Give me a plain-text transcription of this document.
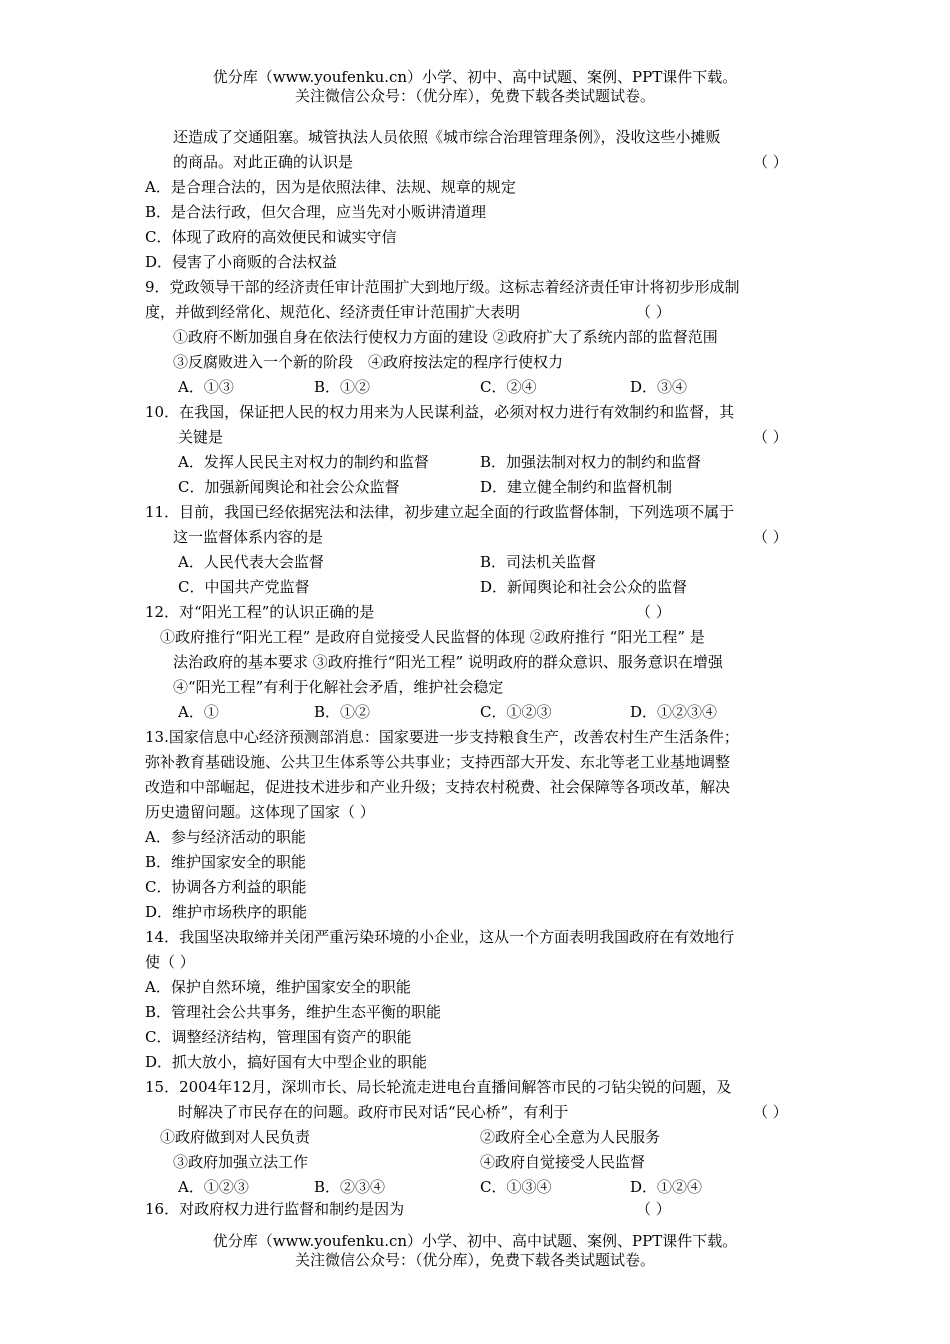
优分库（www.youfenku.cn）小学、初中、高中试题、案例、PPT课件下载。
关注微信公众号：（优分库），免费下载各类试题试卷。
还造成了交通阻塞。城管执法人员依照《城市综合治理管理条例》，没收这些小摊贩
的商品。对此正确的认识是	（ ）
A．是合理合法的，因为是依照法律、法规、规章的规定
B．是合法行政，但欠合理，应当先对小贩讲清道理
C．体现了政府的高效便民和诚实守信
D．侵害了小商贩的合法权益
9．党政领导干部的经济责任审计范围扩大到地厅级。这标志着经济责任审计将初步形成制
度，并做到经常化、规范化、经济责任审计范围扩大表明	（ ）
①政府不断加强自身在依法行使权力方面的建设 ②政府扩大了系统内部的监督范围
③反腐败进入一个新的阶段　④政府按法定的程序行使权力
A．①③	B．①②	C．②④	D．③④
10．在我国，保证把人民的权力用来为人民谋利益，必须对权力进行有效制约和监督，其
关键是	（ ）
A．发挥人民民主对权力的制约和监督	B．加强法制对权力的制约和监督
C．加强新闻舆论和社会公众监督	D．建立健全制约和监督机制
11．目前，我国已经依据宪法和法律，初步建立起全面的行政监督体制，下列选项不属于
这一监督体系内容的是	（ ）
A．人民代表大会监督	B．司法机关监督
C．中国共产党监督	D．新闻舆论和社会公众的监督
12．对“阳光工程”的认识正确的是	（ ）
①政府推行“阳光工程” 是政府自觉接受人民监督的体现 ②政府推行 “阳光工程” 是
法治政府的基本要求 ③政府推行“阳光工程” 说明政府的群众意识、服务意识在增强
④“阳光工程”有利于化解社会矛盾，维护社会稳定
A．①	B．①②	C．①②③	D．①②③④
13.国家信息中心经济预测部消息：国家要进一步支持粮食生产，改善农村生产生活条件；
弥补教育基础设施、公共卫生体系等公共事业；支持西部大开发、东北等老工业基地调整
改造和中部崛起，促进技术进步和产业升级；支持农村税费、社会保障等各项改革，解决
历史遗留问题。这体现了国家（ ）
A．参与经济活动的职能
B．维护国家安全的职能
C．协调各方利益的职能
D．维护市场秩序的职能
14．我国坚决取缔并关闭严重污染环境的小企业，这从一个方面表明我国政府在有效地行
使（ ）
A．保护自然环境，维护国家安全的职能
B．管理社会公共事务，维护生态平衡的职能
C．调整经济结构，管理国有资产的职能
D．抓大放小，搞好国有大中型企业的职能
15．2004年12月，深圳市长、局长轮流走进电台直播间解答市民的刁钻尖锐的问题，及
时解决了市民存在的问题。政府市民对话“民心桥”，有利于	（ ）
①政府做到对人民负责	②政府全心全意为人民服务
③政府加强立法工作	④政府自觉接受人民监督
A．①②③	B．②③④	C．①③④	D．①②④
16．对政府权力进行监督和制约是因为	（ ）
优分库（www.youfenku.cn）小学、初中、高中试题、案例、PPT课件下载。
关注微信公众号：（优分库），免费下载各类试题试卷。
